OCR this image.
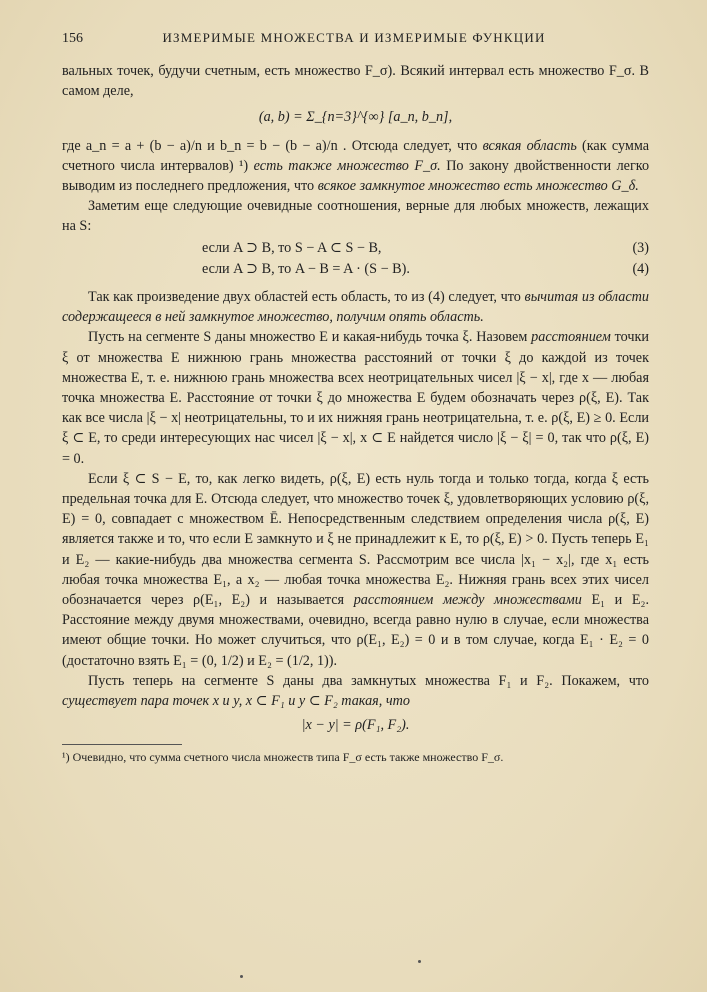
156	ИЗМЕРИМЫЕ МНОЖЕСТВА И ИЗМЕРИМЫЕ ФУНКЦИИ

вальных точек, будучи счетным, есть множество F_σ). Всякий интервал есть множество F_σ. В самом деле,

(a, b) = Σ_{n=3}^{∞} [a_n, b_n],

где a_n = a + (b − a)/n и b_n = b − (b − a)/n . Отсюда следует, что всякая область (как сумма счетного числа интервалов) ¹) есть также множество F_σ. По закону двойственности легко выводим из последнего предложения, что всякое замкнутое множество есть множество G_δ.

Заметим еще следующие очевидные соотношения, верные для любых множеств, лежащих на S:

если A ⊃ B, то S − A ⊂ S − B,	(3)
если A ⊃ B, то A − B = A · (S − B).	(4)

Так как произведение двух областей есть область, то из (4) следует, что вычитая из области содержащееся в ней замкнутое множество, получим опять область.

Пусть на сегменте S даны множество E и какая-нибудь точка ξ. Назовем расстоянием точки ξ от множества E нижнюю грань множества расстояний от точки ξ до каждой из точек множества E, т. е. нижнюю грань множества всех неотрицательных чисел |ξ − x|, где x — любая точка множества E. Расстояние от точки ξ до множества E будем обозначать через ρ(ξ, E). Так как все числа |ξ − x| неотрицательны, то и их нижняя грань неотрицательна, т. е. ρ(ξ, E) ≥ 0. Если ξ ⊂ E, то среди интересующих нас чисел |ξ − x|, x ⊂ E найдется число |ξ − ξ| = 0, так что ρ(ξ, E) = 0.

Если ξ ⊂ S − E, то, как легко видеть, ρ(ξ, E) есть нуль тогда и только тогда, когда ξ есть предельная точка для E. Отсюда следует, что множество точек ξ, удовлетворяющих условию ρ(ξ, E) = 0, совпадает с множеством Ē. Непосредственным следствием определения числа ρ(ξ, E) является также и то, что если E замкнуто и ξ не принадлежит к E, то ρ(ξ, E) > 0. Пусть теперь E₁ и E₂ — какие-нибудь два множества сегмента S. Рассмотрим все числа |x₁ − x₂|, где x₁ есть любая точка множества E₁, а x₂ — любая точка множества E₂. Нижняя грань всех этих чисел обозначается через ρ(E₁, E₂) и называется расстоянием между множествами E₁ и E₂. Расстояние между двумя множествами, очевидно, всегда равно нулю в случае, если множества имеют общие точки. Но может случиться, что ρ(E₁, E₂) = 0 и в том случае, когда E₁ · E₂ = 0 (достаточно взять E₁ = (0, 1/2) и E₂ = (1/2, 1)).

Пусть теперь на сегменте S даны два замкнутых множества F₁ и F₂. Покажем, что существует пара точек x и y, x ⊂ F₁ и y ⊂ F₂ такая, что

|x − y| = ρ(F₁, F₂).

¹) Очевидно, что сумма счетного числа множеств типа F_σ есть также множество F_σ.
